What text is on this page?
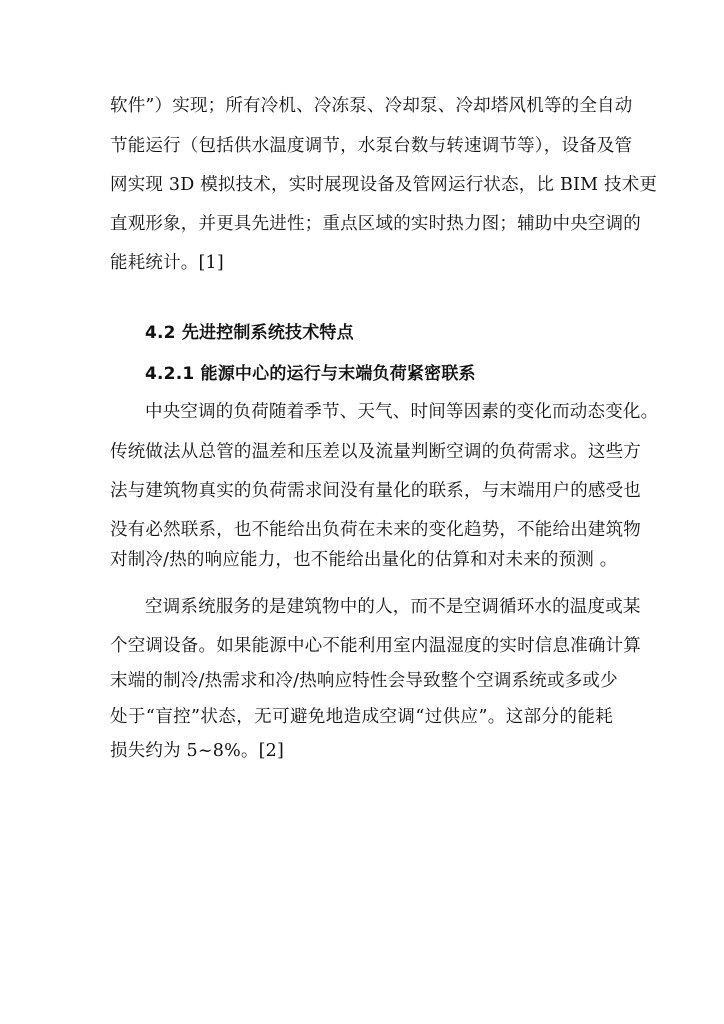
软件”）实现；所有冷机、冷冻泵、冷却泵、冷却塔风机等的全自动
节能运行（包括供水温度调节，水泵台数与转速调节等），设备及管
网实现 3D 模拟技术，实时展现设备及管网运行状态，比 BIM 技术更
直观形象，并更具先进性；重点区域的实时热力图；辅助中央空调的
能耗统计。[1]
4.2 先进控制系统技术特点
4.2.1 能源中心的运行与末端负荷紧密联系
中央空调的负荷随着季节、天气、时间等因素的变化而动态变化。
传统做法从总管的温差和压差以及流量判断空调的负荷需求。这些方
法与建筑物真实的负荷需求间没有量化的联系，与末端用户的感受也
没有必然联系，也不能给出负荷在未来的变化趋势，不能给出建筑物
对制冷/热的响应能力，也不能给出量化的估算和对未来的预测 。
空调系统服务的是建筑物中的人，而不是空调循环水的温度或某
个空调设备。如果能源中心不能利用室内温湿度的实时信息准确计算
末端的制冷/热需求和冷/热响应特性会导致整个空调系统或多或少
处于“盲控”状态，无可避免地造成空调“过供应”。这部分的能耗
损失约为 5~8%。[2]
